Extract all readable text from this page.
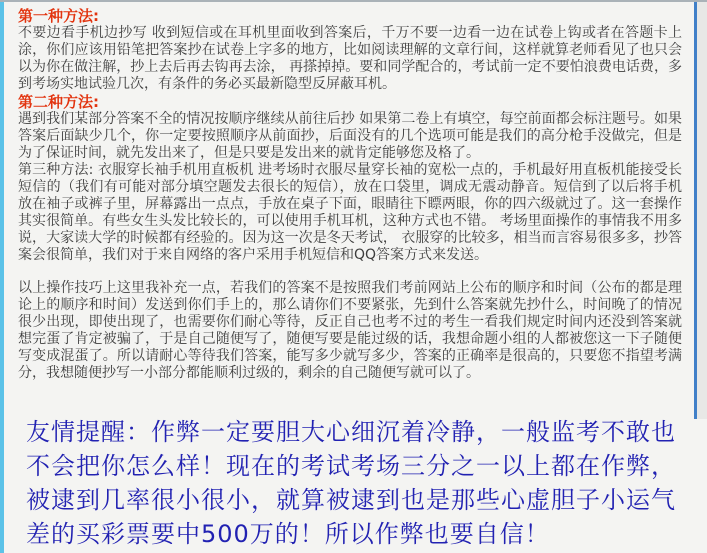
第一种方法:

不要边看手机边抄写 收到短信或在耳机里面收到答案后，千万不要一边看一边在试卷上钩或者在答题卡上涂，你们应该用铅笔把答案抄在试卷上字多的地方，比如阅读理解的文章行间，这样就算老师看见了也只会以为你在做注解，抄上去后再去钩再去涂， 再搽掉掉。要和同学配合的，考试前一定不要怕浪费电话费，多到考场实地试验几次，有条件的务必买最新隐型反屏蔽耳机。

第二种方法:

遇到我们某部分答案不全的情况按顺序继续从前往后抄 如果第二卷上有填空，每空前面都会标注题号。如果答案后面缺少几个，你一定要按照顺序从前面抄，后面没有的几个选项可能是我们的高分枪手没做完，但是为了保证时间，就先发出来了，但是只要是发出来的就肯定能够您及格了。

第三种方法: 衣服穿长袖手机用直板机 进考场时衣服尽量穿长袖的宽松一点的，手机最好用直板机能接受长短信的（我们有可能对部分填空题发去很长的短信），放在口袋里，调成无震动静音。短信到了以后将手机放在袖子或裤子里，屏幕露出一点点，手放在桌子下面，眼睛往下瞟两眼，你的四六级就过了。这一套操作其实很简单。有些女生头发比较长的，可以使用手机耳机，这种方式也不错。 考场里面操作的事情我不用多说，大家读大学的时候都有经验的。因为这一次是冬天考试， 衣服穿的比较多，相当而言容易很多多，抄答案会很简单，我们对于来自网络的客户采用手机短信和QQ答案方式来发送。

以上操作技巧上这里我补充一点，若我们的答案不是按照我们考前网站上公布的顺序和时间（公布的都是理论上的顺序和时间）发送到你们手上的，那么请你们不要紧张，先到什么答案就先抄什么，时间晚了的情况很少出现，即使出现了，也需要你们耐心等待，反正自己也考不过的考生一看我们规定时间内还没到答案就想完蛋了肯定被骗了，于是自己随便写了，随便写要是能过级的话，我想命题小组的人都被您这一下子随便写变成混蛋了。所以请耐心等待我们答案，能写多少就写多少，答案的正确率是很高的，只要您不指望考满分，我想随便抄写一小部分都能顺利过级的，剩余的自己随便写就可以了。

友情提醒：作弊一定要胆大心细沉着冷静，一般监考不敢也不会把你怎么样！现在的考试考场三分之一以上都在作弊，被逮到几率很小很小，就算被逮到也是那些心虚胆子小运气差的买彩票要中500万的！所以作弊也要自信！
